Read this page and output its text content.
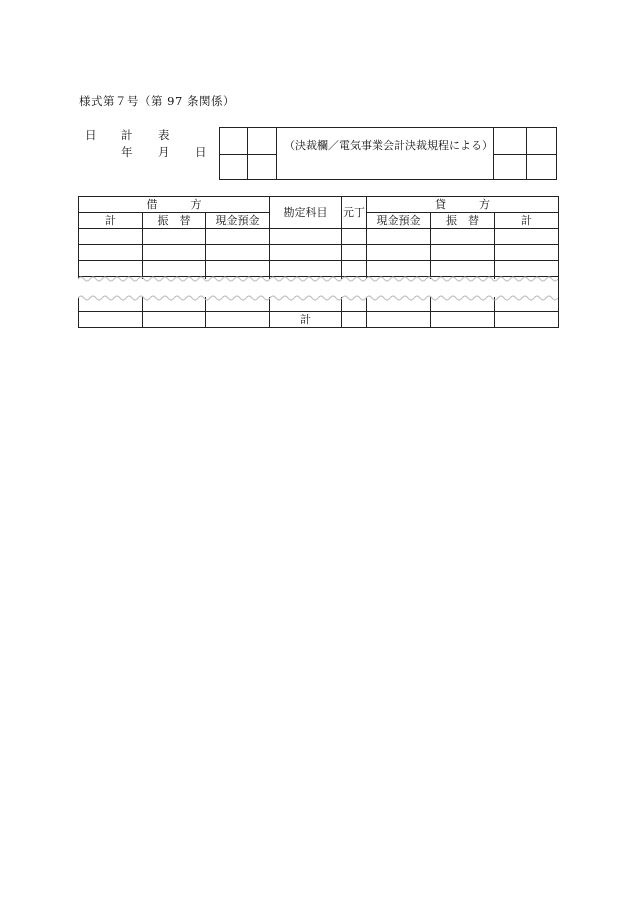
様式第７号（第 97 条関係）
日 計 表
年 月 日	（決裁欄／電気事業会計決裁規程による）
借　　　方			勘定科目	元丁	貸　　　方		
計	振　替	現金預金			現金預金	振　替	計

			計				
